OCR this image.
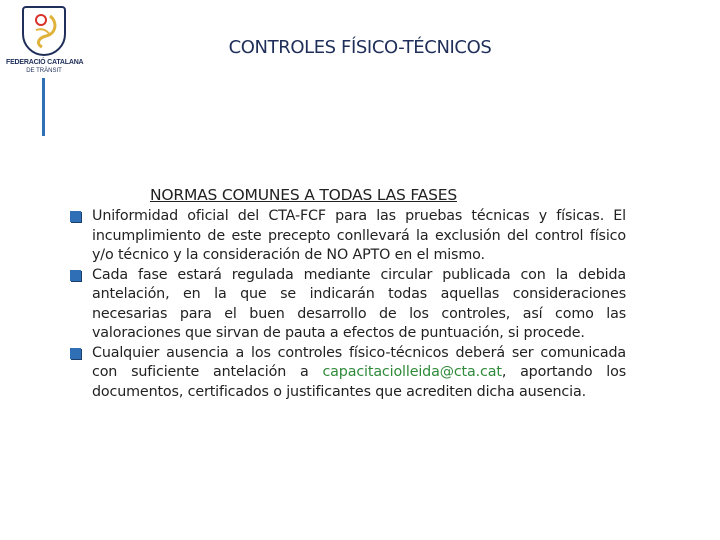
FEDERACIÓ CATALANA
DE TRÀNSIT
CONTROLES FÍSICO-TÉCNICOS
NORMAS COMUNES A TODAS LAS FASES
Uniformidad oficial del CTA-FCF para las pruebas técnicas y físicas. El incumplimiento de este precepto conllevará la exclusión del control físico y/o técnico y la consideración de NO APTO en el mismo.
Cada fase estará regulada mediante circular publicada con la debida antelación, en la que se indicarán todas aquellas consideraciones necesarias para el buen desarrollo de los controles, así como las valoraciones que sirvan de pauta a efectos de puntuación, si procede.
Cualquier ausencia a los controles físico-técnicos deberá ser comunicada con suficiente antelación a capacitaciolleida@cta.cat, aportando los documentos, certificados o justificantes que acrediten dicha ausencia.
